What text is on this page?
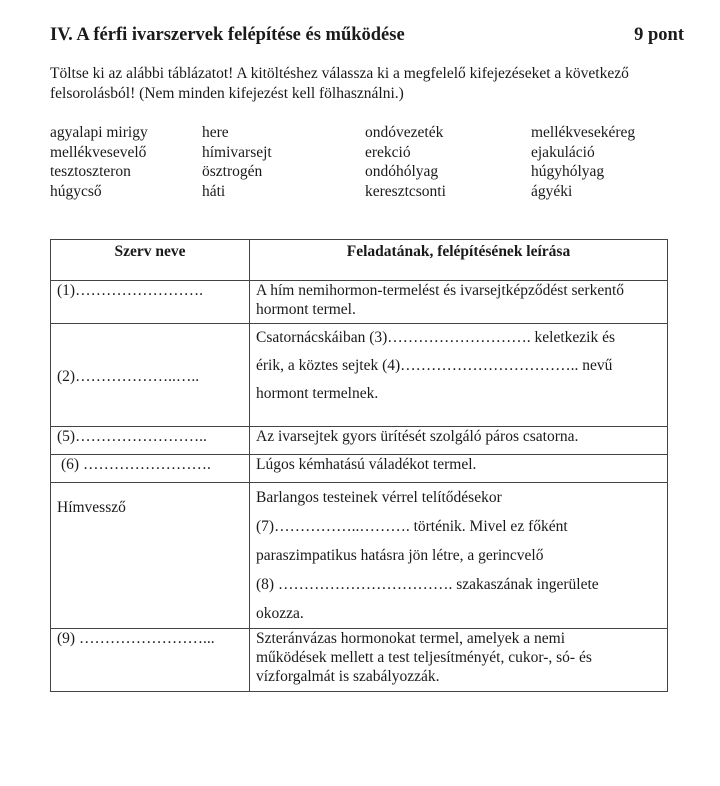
IV. A férfi ivarszervek felépítése és működése	9 pont
Töltse ki az alábbi táblázatot! A kitöltéshez válassza ki a megfelelő kifejezéseket a következő
felsorolásból! (Nem minden kifejezést kell fölhasználni.)
agyalapi mirigy	here	ondóvezeték	mellékvesekéreg
mellékvesevelő	hímivarsejt	erekció	ejakuláció
tesztoszteron	ösztrogén	ondóhólyag	húgyhólyag
húgycső	háti	keresztcsonti	ágyéki
Szerv neve	Feladatának, felépítésének leírása
(1)…………………….	A hím nemihormon-termelést és ivarsejtképződést serkentő
hormont termel.

(2)………………..…..	Csatornácskáiban (3)………………………. keletkezik és
érik, a köztes sejtek (4)…………………………….. nevű
hormont termelnek.

(5)……………………..	Az ivarsejtek gyors ürítését szolgáló páros csatorna.

(6) …………………….	Lúgos kémhatású váladékot termel.

Hímvessző	Barlangos testeinek vérrel telítődésekor
(7)……………..………. történik. Mivel ez főként
paraszimpatikus hatásra jön létre, a gerincvelő
(8) ……………………………. szakaszának ingerülete
okozza.

(9) ……………………...	Szteránvázas hormonokat termel, amelyek a nemi
működések mellett a test teljesítményét, cukor-, só- és
vízforgalmát is szabályozzák.
